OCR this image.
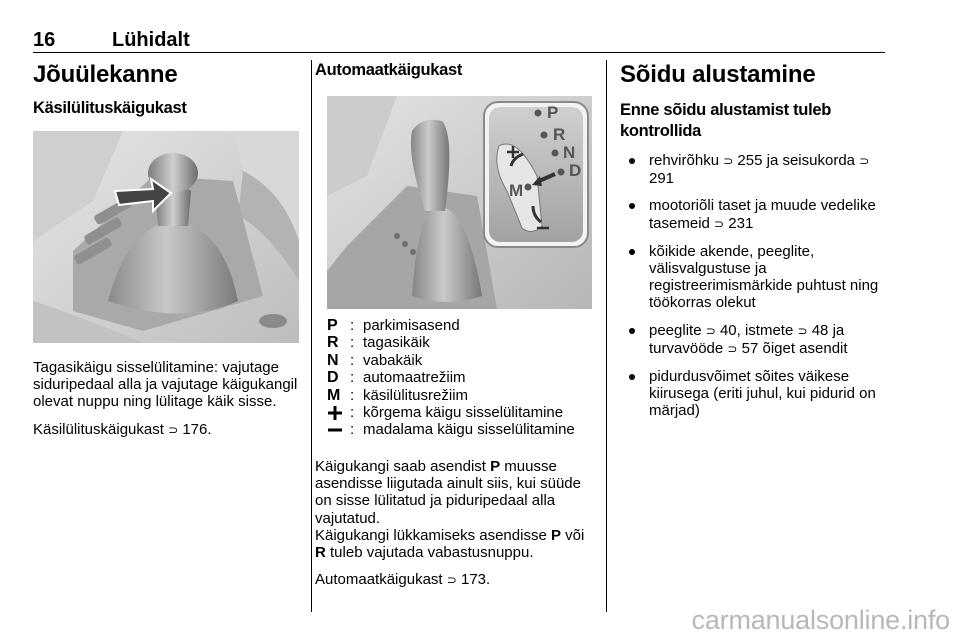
16	Lühidalt
Jõuülekanne
Käsilülituskäigukast
Tagasikäigu sisselülitamine: vajutage siduripedaal alla ja vajutage käigukangil olevat nuppu ning lülitage käik sisse.
Käsilülituskäigukast ⊃ 176.
Automaatkäigukast
P
R
N
D
M
P : parkimisasend
R : tagasikäik
N : vabakäik
D : automaatrežiim
M : käsilülitusrežiim
: kõrgema käigu sisselülitamine
: madalama käigu sisselülitamine
Käigukangi saab asendist P muusse asendisse liigutada ainult siis, kui süüde on sisse lülitatud ja piduripedaal alla vajutatud.
Käigukangi lükkamiseks asendisse P või R tuleb vajutada vabastusnuppu.
Automaatkäigukast ⊃ 173.
Sõidu alustamine
Enne sõidu alustamist tuleb kontrollida
rehvirõhku ⊃ 255 ja seisukorda ⊃ 291
mootoriõli taset ja muude vedelike tasemeid ⊃ 231
kõikide akende, peeglite, välisvalgustuse ja registreerimismärkide puhtust ning töökorras olekut
peeglite ⊃ 40, istmete ⊃ 48 ja turvavööde ⊃ 57 õiget asendit
pidurdusvõimet sõites väikese kiirusega (eriti juhul, kui pidurid on märjad)
carmanualsonline.info
